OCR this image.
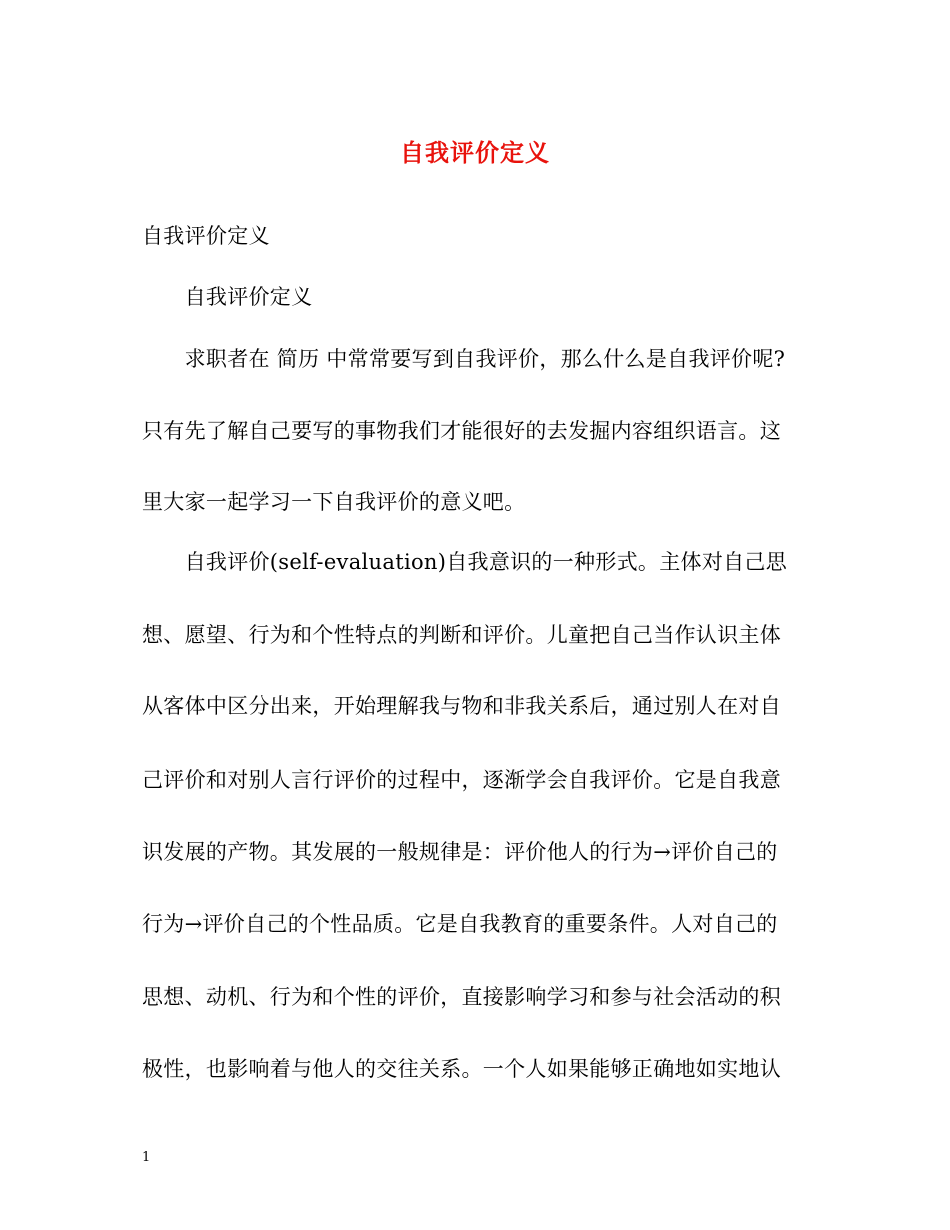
自我评价定义
自我评价定义
　　自我评价定义
　　求职者在 简历 中常常要写到自我评价，那么什么是自我评价呢?
只有先了解自己要写的事物我们才能很好的去发掘内容组织语言。这
里大家一起学习一下自我评价的意义吧。
　　自我评价(self-evaluation)自我意识的一种形式。主体对自己思
想、愿望、行为和个性特点的判断和评价。儿童把自己当作认识主体
从客体中区分出来，开始理解我与物和非我关系后，通过别人在对自
己评价和对别人言行评价的过程中，逐渐学会自我评价。它是自我意
识发展的产物。其发展的一般规律是：评价他人的行为→评价自己的
行为→评价自己的个性品质。它是自我教育的重要条件。人对自己的
思想、动机、行为和个性的评价，直接影响学习和参与社会活动的积
极性，也影响着与他人的交往关系。一个人如果能够正确地如实地认
1
